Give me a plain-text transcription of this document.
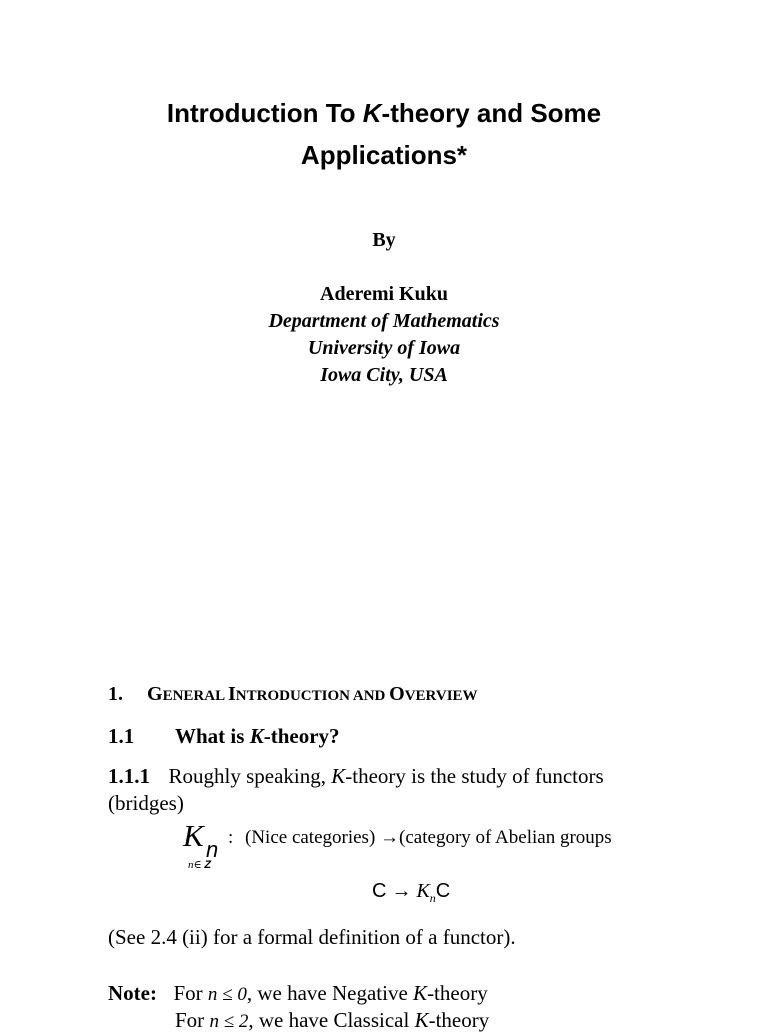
Introduction To K-theory and Some
Applications*
By
Aderemi Kuku
Department of Mathematics
University of Iowa
Iowa City, USA
1. GENERAL INTRODUCTION AND OVERVIEW
1.1 What is K-theory?
1.1.1 Roughly speaking, K-theory is the study of functors
(bridges)
K n
n∈ Z
: (Nice categories) →(category of Abelian groups
$C \to K_nC$
(See 2.4 (ii) for a formal definition of a functor).
Note: For n ≤ 0, we have Negative K-theory
For n ≤ 2, we have Classical K-theory
